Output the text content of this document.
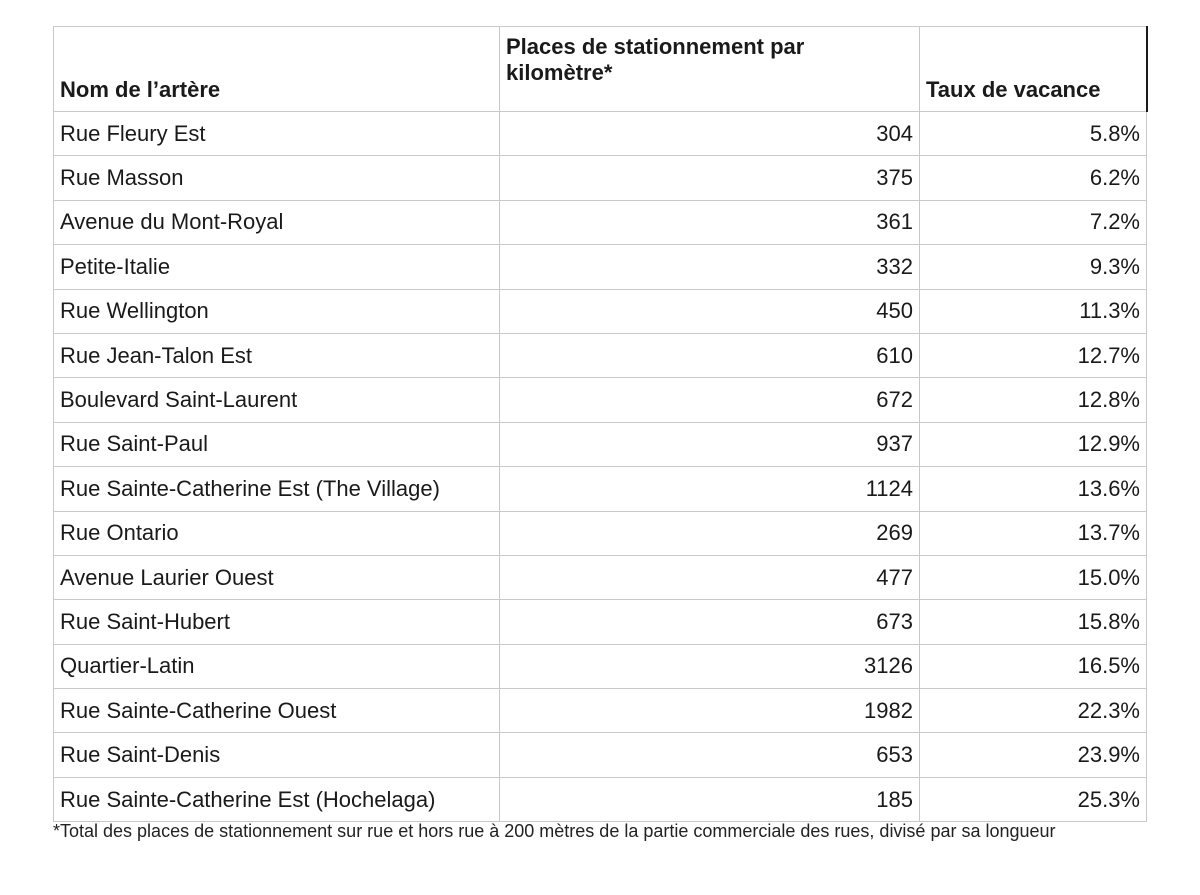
Nom de l’artère	Places de stationnement par kilomètre*	Taux de vacance
Rue Fleury Est	304	5.8%
Rue Masson	375	6.2%
Avenue du Mont-Royal	361	7.2%
Petite-Italie	332	9.3%
Rue Wellington	450	11.3%
Rue Jean-Talon Est	610	12.7%
Boulevard Saint-Laurent	672	12.8%
Rue Saint-Paul	937	12.9%
Rue Sainte-Catherine Est (The Village)	1124	13.6%
Rue Ontario	269	13.7%
Avenue Laurier Ouest	477	15.0%
Rue Saint-Hubert	673	15.8%
Quartier-Latin	3126	16.5%
Rue Sainte-Catherine Ouest	1982	22.3%
Rue Saint-Denis	653	23.9%
Rue Sainte-Catherine Est (Hochelaga)	185	25.3%
*Total des places de stationnement sur rue et hors rue à 200 mètres de la partie commerciale des rues, divisé par sa longueur
